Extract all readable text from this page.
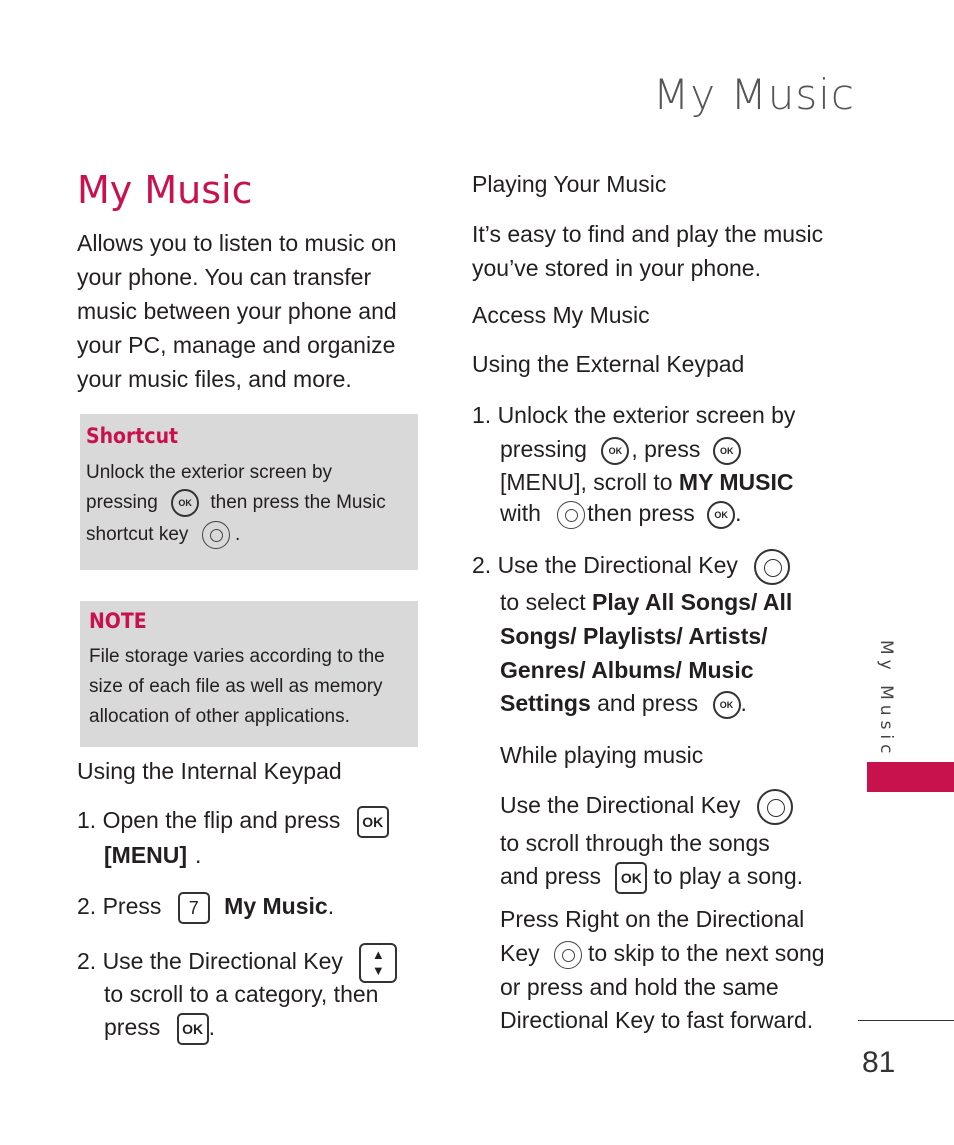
My Music
My Music
Allows you to listen to music on your phone. You can transfer music between your phone and your PC, manage and organize your music files, and more.
Shortcut
Unlock the exterior screen by
pressing OK then press the Music
shortcut key .
NOTE
File storage varies according to the size of each file as well as memory allocation of other applications.
Using the Internal Keypad
1. Open the flip and press OK
[MENU] .
2. Press 7 My Music.
2. Use the Directional Key ▲
▼
to scroll to a category, then
press OK .
Playing Your Music
It’s easy to find and play the music you’ve stored in your phone.
Access My Music
Using the External Keypad
1. Unlock the exterior screen by
pressing OK , press OK
[MENU], scroll to MY MUSIC
with then press OK .
2. Use the Directional Key
to select Play All Songs/ All
Songs/ Playlists/ Artists/
Genres/ Albums/ Music
Settings and press OK .
While playing music
Use the Directional Key
to scroll through the songs
and press OK to play a song.
Press Right on the Directional
Key to skip to the next song
or press and hold the same
Directional Key to fast forward.
My Music
81
